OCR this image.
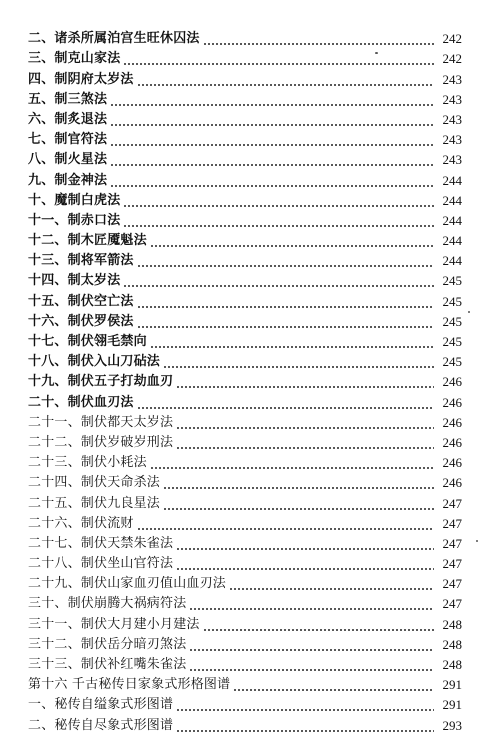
二、诸杀所属泊宫生旺休囚法	242
三、制克山家法	242
四、制阴府太岁法	243
五、制三煞法	243
六、制炙退法	243
七、制官符法	243
八、制火星法	243
九、制金神法	244
十、魔制白虎法	244
十一、制赤口法	244
十二、制木匠魇魁法	244
十三、制将军箭法	244
十四、制太岁法	245
十五、制伏空亡法	245
十六、制伏罗侯法	245
十七、制伏翎毛禁向	245
十八、制伏入山刀砧法	245
十九、制伏五子打劫血刃	246
二十、制伏血刃法	246
二十一、制伏都天太岁法	246
二十二、制伏岁破岁刑法	246
二十三、制伏小耗法	246
二十四、制伏天命杀法	246
二十五、制伏九良星法	247
二十六、制伏流财	247
二十七、制伏天禁朱雀法	247
二十八、制伏坐山官符法	247
二十九、制伏山家血刃值山血刃法	247
三十、制伏崩腾大祸病符法	247
三十一、制伏大月建小月建法	248
三十二、制伏岳分暗刃煞法	248
三十三、制伏补红嘴朱雀法	248
第十六 千古秘传日家象式形格图谱	291
一、秘传自缢象式形图谱	291
二、秘传自尽象式形图谱	293
